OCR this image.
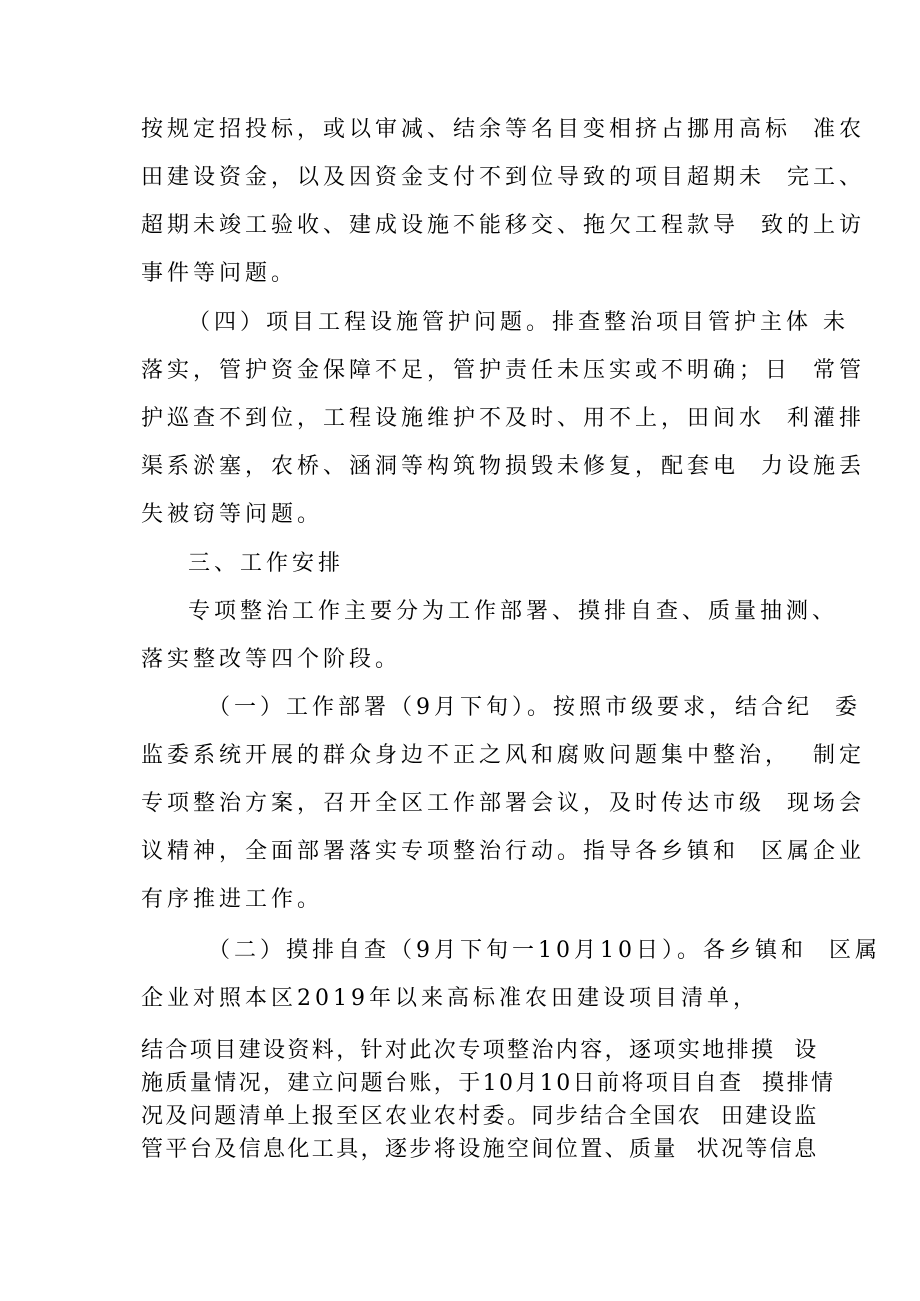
按规定招投标，或以审减、结余等名目变相挤占挪用高标  准农
田建设资金，以及因资金支付不到位导致的项目超期未  完工、
超期未竣工验收、建成设施不能移交、拖欠工程款导  致的上访
事件等问题。
（四）项目工程设施管护问题。排查整治项目管护主体 未
落实，管护资金保障不足，管护责任未压实或不明确；日  常管
护巡查不到位，工程设施维护不及时、用不上，田间水  利灌排
渠系淤塞，农桥、涵洞等构筑物损毁未修复，配套电  力设施丢
失被窃等问题。
三、工作安排
专项整治工作主要分为工作部署、摸排自查、质量抽测、
落实整改等四个阶段。
（一）工作部署（9月下旬）。按照市级要求，结合纪  委
监委系统开展的群众身边不正之风和腐败问题集中整治，  制定
专项整治方案，召开全区工作部署会议，及时传达市级  现场会
议精神，全面部署落实专项整治行动。指导各乡镇和  区属企业
有序推进工作。
（二）摸排自查（9月下旬一10月10日）。各乡镇和  区属
企业对照本区2019年以来高标准农田建设项目清单，
结合项目建设资料，针对此次专项整治内容，逐项实地排摸  设
施质量情况，建立问题台账，于10月10日前将项目自查  摸排情
况及问题清单上报至区农业农村委。同步结合全国农  田建设监
管平台及信息化工具，逐步将设施空间位置、质量  状况等信息
